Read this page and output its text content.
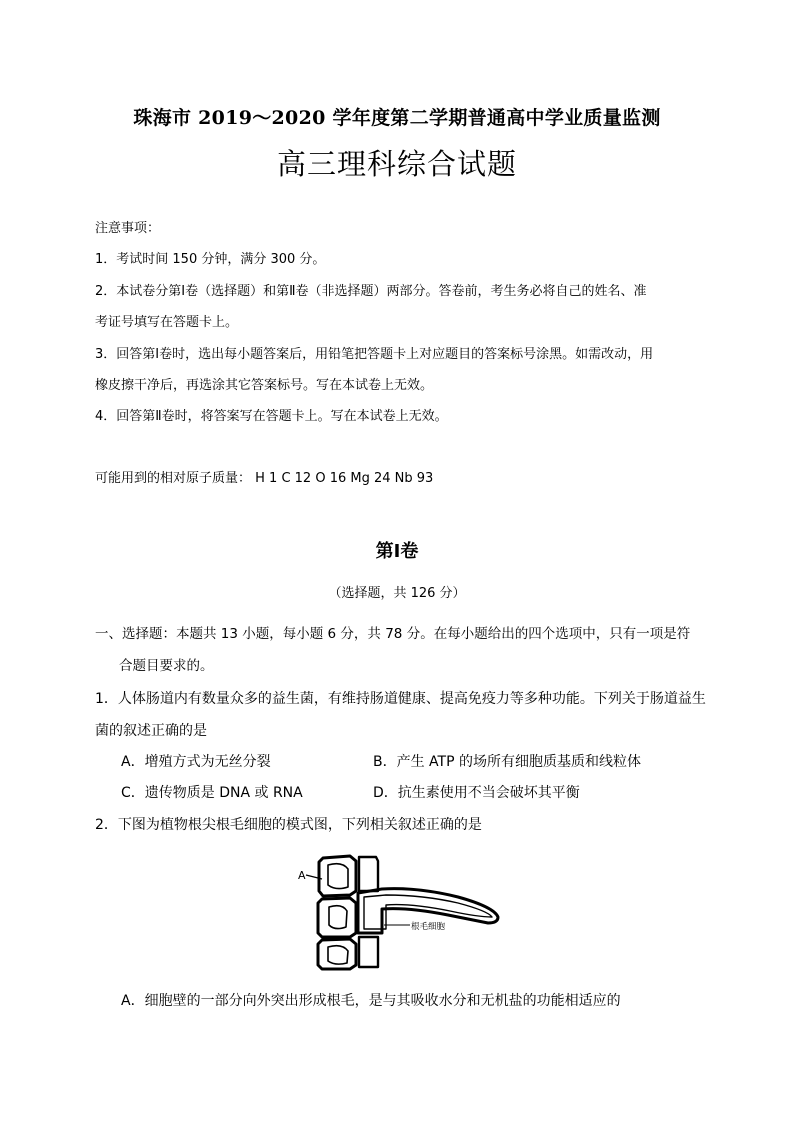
珠海市 2019～2020 学年度第二学期普通高中学业质量监测
高三理科综合试题
注意事项：
1．考试时间 150 分钟，满分 300 分。
2．本试卷分第Ⅰ卷（选择题）和第Ⅱ卷（非选择题）两部分。答卷前，考生务必将自己的姓名、准
考证号填写在答题卡上。
3．回答第Ⅰ卷时，选出每小题答案后，用铅笔把答题卡上对应题目的答案标号涂黑。如需改动，用
橡皮擦干净后，再选涂其它答案标号。写在本试卷上无效。
4．回答第Ⅱ卷时，将答案写在答题卡上。写在本试卷上无效。
可能用到的相对原子质量： H 1 C 12 O 16 Mg 24 Nb 93
第Ⅰ卷
（选择题，共 126 分）
一、选择题：本题共 13 小题，每小题 6 分，共 78 分。在每小题给出的四个选项中，只有一项是符
合题目要求的。
1．人体肠道内有数量众多的益生菌，有维持肠道健康、提高免疫力等多种功能。下列关于肠道益生
菌的叙述正确的是
A．增殖方式为无丝分裂	B．产生 ATP 的场所有细胞质基质和线粒体
C．遗传物质是 DNA 或 RNA	D．抗生素使用不当会破坏其平衡
2．下图为植物根尖根毛细胞的模式图，下列相关叙述正确的是
A
根毛细胞
A．细胞壁的一部分向外突出形成根毛，是与其吸收水分和无机盐的功能相适应的
